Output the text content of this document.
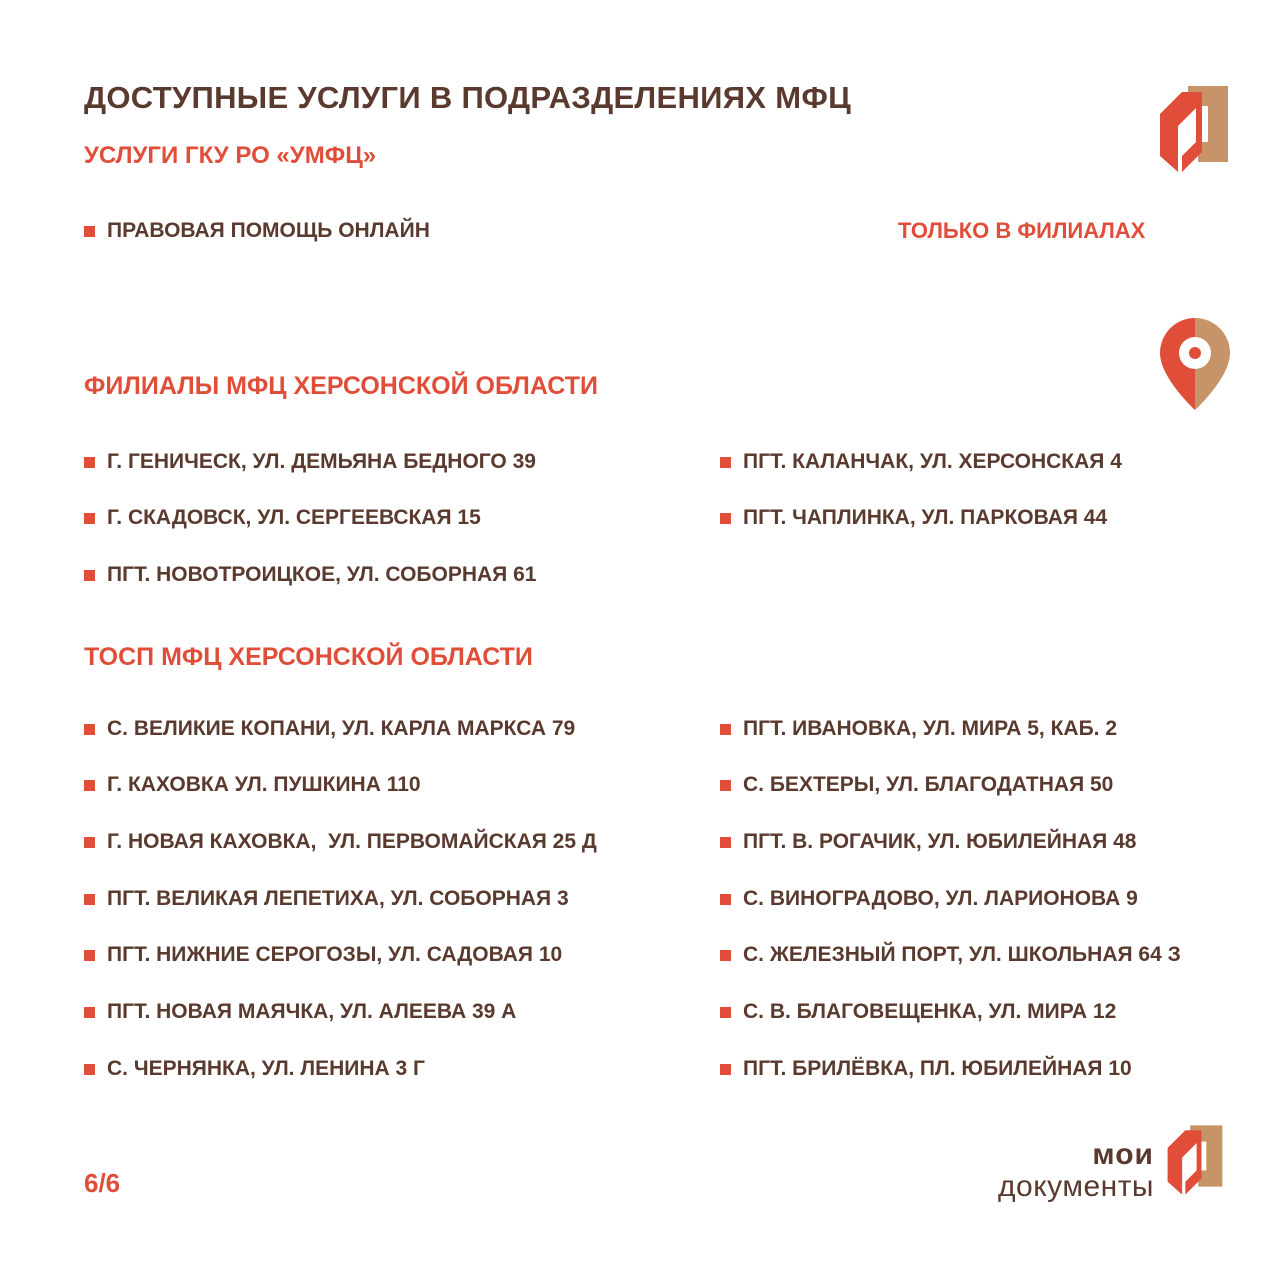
ДОСТУПНЫЕ УСЛУГИ В ПОДРАЗДЕЛЕНИЯХ МФЦ
УСЛУГИ ГКУ РО «УМФЦ»
ПРАВОВАЯ ПОМОЩЬ ОНЛАЙН	ТОЛЬКО В ФИЛИАЛАХ
ФИЛИАЛЫ МФЦ ХЕРСОНСКОЙ ОБЛАСТИ
Г. ГЕНИЧЕСК, УЛ. ДЕМЬЯНА БЕДНОГО 39
Г. СКАДОВСК, УЛ. СЕРГЕЕВСКАЯ 15
ПГТ. НОВОТРОИЦКОЕ, УЛ. СОБОРНАЯ 61
ПГТ. КАЛАНЧАК, УЛ. ХЕРСОНСКАЯ 4
ПГТ. ЧАПЛИНКА, УЛ. ПАРКОВАЯ 44
ТОСП МФЦ ХЕРСОНСКОЙ ОБЛАСТИ
С. ВЕЛИКИЕ КОПАНИ, УЛ. КАРЛА МАРКСА 79
Г. КАХОВКА УЛ. ПУШКИНА 110
Г. НОВАЯ КАХОВКА,  УЛ. ПЕРВОМАЙСКАЯ 25 Д
ПГТ. ВЕЛИКАЯ ЛЕПЕТИХА, УЛ. СОБОРНАЯ 3
ПГТ. НИЖНИЕ СЕРОГОЗЫ, УЛ. САДОВАЯ 10
ПГТ. НОВАЯ МАЯЧКА, УЛ. АЛЕЕВА 39 А
С. ЧЕРНЯНКА, УЛ. ЛЕНИНА 3 Г
ПГТ. ИВАНОВКА, УЛ. МИРА 5, КАБ. 2
С. БЕХТЕРЫ, УЛ. БЛАГОДАТНАЯ 50
ПГТ. В. РОГАЧИК, УЛ. ЮБИЛЕЙНАЯ 48
С. ВИНОГРАДОВО, УЛ. ЛАРИОНОВА 9
С. ЖЕЛЕЗНЫЙ ПОРТ, УЛ. ШКОЛЬНАЯ 64 З
С. В. БЛАГОВЕЩЕНКА, УЛ. МИРА 12
ПГТ. БРИЛЁВКА, ПЛ. ЮБИЛЕЙНАЯ 10
6/6
мои
документы
